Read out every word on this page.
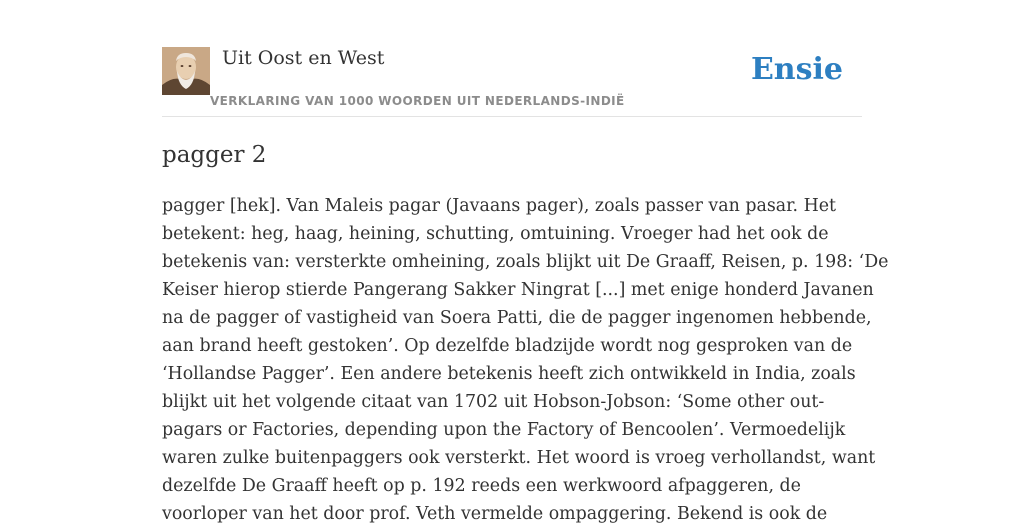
Uit Oost en West
VERKLARING VAN 1000 WOORDEN UIT NEDERLANDS-INDIË
Ensie
pagger 2

pagger [hek]. Van Maleis pagar (Javaans pager), zoals passer van pasar. Het
betekent: heg, haag, heining, schutting, omtuining. Vroeger had het ook de
betekenis van: versterkte omheining, zoals blijkt uit De Graaff, Reisen, p. 198: ‘De
Keiser hierop stierde Pangerang Sakker Ningrat [...] met enige honderd Javanen
na de pagger of vastigheid van Soera Patti, die de pagger ingenomen hebbende,
aan brand heeft gestoken’. Op dezelfde bladzijde wordt nog gesproken van de
‘Hollandse Pagger’. Een andere betekenis heeft zich ontwikkeld in India, zoals
blijkt uit het volgende citaat van 1702 uit Hobson-Jobson: ‘Some other out-
pagars or Factories, depending upon the Factory of Bencoolen’. Vermoedelijk
waren zulke buitenpaggers ook versterkt. Het woord is vroeg verhollandst, want
dezelfde De Graaff heeft op p. 192 reeds een werkwoord afpaggeren, de
voorloper van het door prof. Veth vermelde ompaggering. Bekend is ook de
